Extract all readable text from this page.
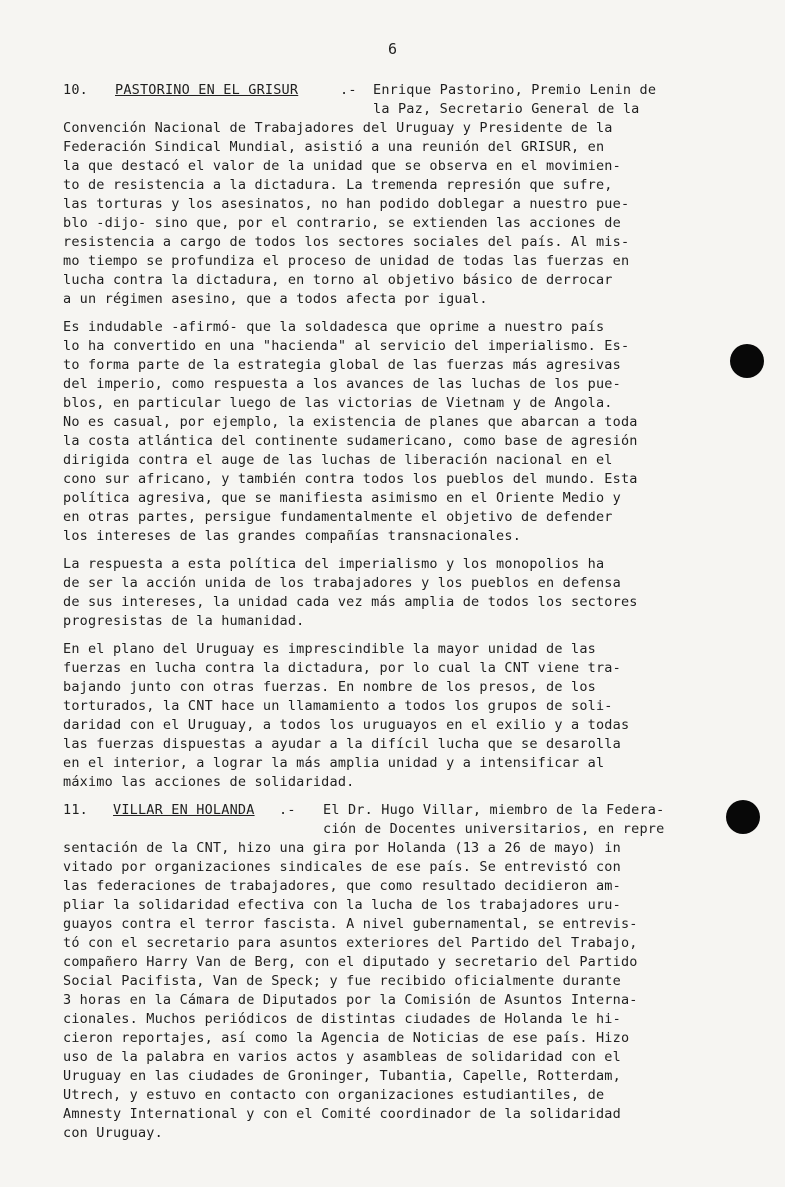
6
10. PASTORINO EN EL GRISUR	.- Enrique Pastorino, Premio Lenin de
la Paz, Secretario General de la
Convención Nacional de Trabajadores del Uruguay y Presidente de la
Federación Sindical Mundial, asistió a una reunión del GRISUR, en
la que destacó el valor de la unidad que se observa en el movimien-
to de resistencia a la dictadura. La tremenda represión que sufre,
las torturas y los asesinatos, no han podido doblegar a nuestro pue-
blo -dijo- sino que, por el contrario, se extienden las acciones de
resistencia a cargo de todos los sectores sociales del país. Al mis-
mo tiempo se profundiza el proceso de unidad de todas las fuerzas en
lucha contra la dictadura, en torno al objetivo básico de derrocar
a un régimen asesino, que a todos afecta por igual.
Es indudable -afirmó- que la soldadesca que oprime a nuestro país
lo ha convertido en una "hacienda" al servicio del imperialismo. Es-
to forma parte de la estrategia global de las fuerzas más agresivas
del imperio, como respuesta a los avances de las luchas de los pue-
blos, en particular luego de las victorias de Vietnam y de Angola.
No es casual, por ejemplo, la existencia de planes que abarcan a toda
la costa atlántica del continente sudamericano, como base de agresión
dirigida contra el auge de las luchas de liberación nacional en el
cono sur africano, y también contra todos los pueblos del mundo. Esta
política agresiva, que se manifiesta asimismo en el Oriente Medio y
en otras partes, persigue fundamentalmente el objetivo de defender
los intereses de las grandes compañías transnacionales.
La respuesta a esta política del imperialismo y los monopolios ha
de ser la acción unida de los trabajadores y los pueblos en defensa
de sus intereses, la unidad cada vez más amplia de todos los sectores
progresistas de la humanidad.
En el plano del Uruguay es imprescindible la mayor unidad de las
fuerzas en lucha contra la dictadura, por lo cual la CNT viene tra-
bajando junto con otras fuerzas. En nombre de los presos, de los
torturados, la CNT hace un llamamiento a todos los grupos de soli-
daridad con el Uruguay, a todos los uruguayos en el exilio y a todas
las fuerzas dispuestas a ayudar a la difícil lucha que se desarolla
en el interior, a lograr la más amplia unidad y a intensificar al
máximo las acciones de solidaridad.
11. VILLAR EN HOLANDA .- El Dr. Hugo Villar, miembro de la Federa-
ción de Docentes universitarios, en repre
sentación de la CNT, hizo una gira por Holanda (13 a 26 de mayo) in
vitado por organizaciones sindicales de ese país. Se entrevistó con
las federaciones de trabajadores, que como resultado decidieron am-
pliar la solidaridad efectiva con la lucha de los trabajadores uru-
guayos contra el terror fascista. A nivel gubernamental, se entrevis-
tó con el secretario para asuntos exteriores del Partido del Trabajo,
compañero Harry Van de Berg, con el diputado y secretario del Partido
Social Pacifista, Van de Speck; y fue recibido oficialmente durante
3 horas en la Cámara de Diputados por la Comisión de Asuntos Interna-
cionales. Muchos periódicos de distintas ciudades de Holanda le hi-
cieron reportajes, así como la Agencia de Noticias de ese país. Hizo
uso de la palabra en varios actos y asambleas de solidaridad con el
Uruguay en las ciudades de Groninger, Tubantia, Capelle, Rotterdam,
Utrech, y estuvo en contacto con organizaciones estudiantiles, de
Amnesty International y con el Comité coordinador de la solidaridad
con Uruguay.
